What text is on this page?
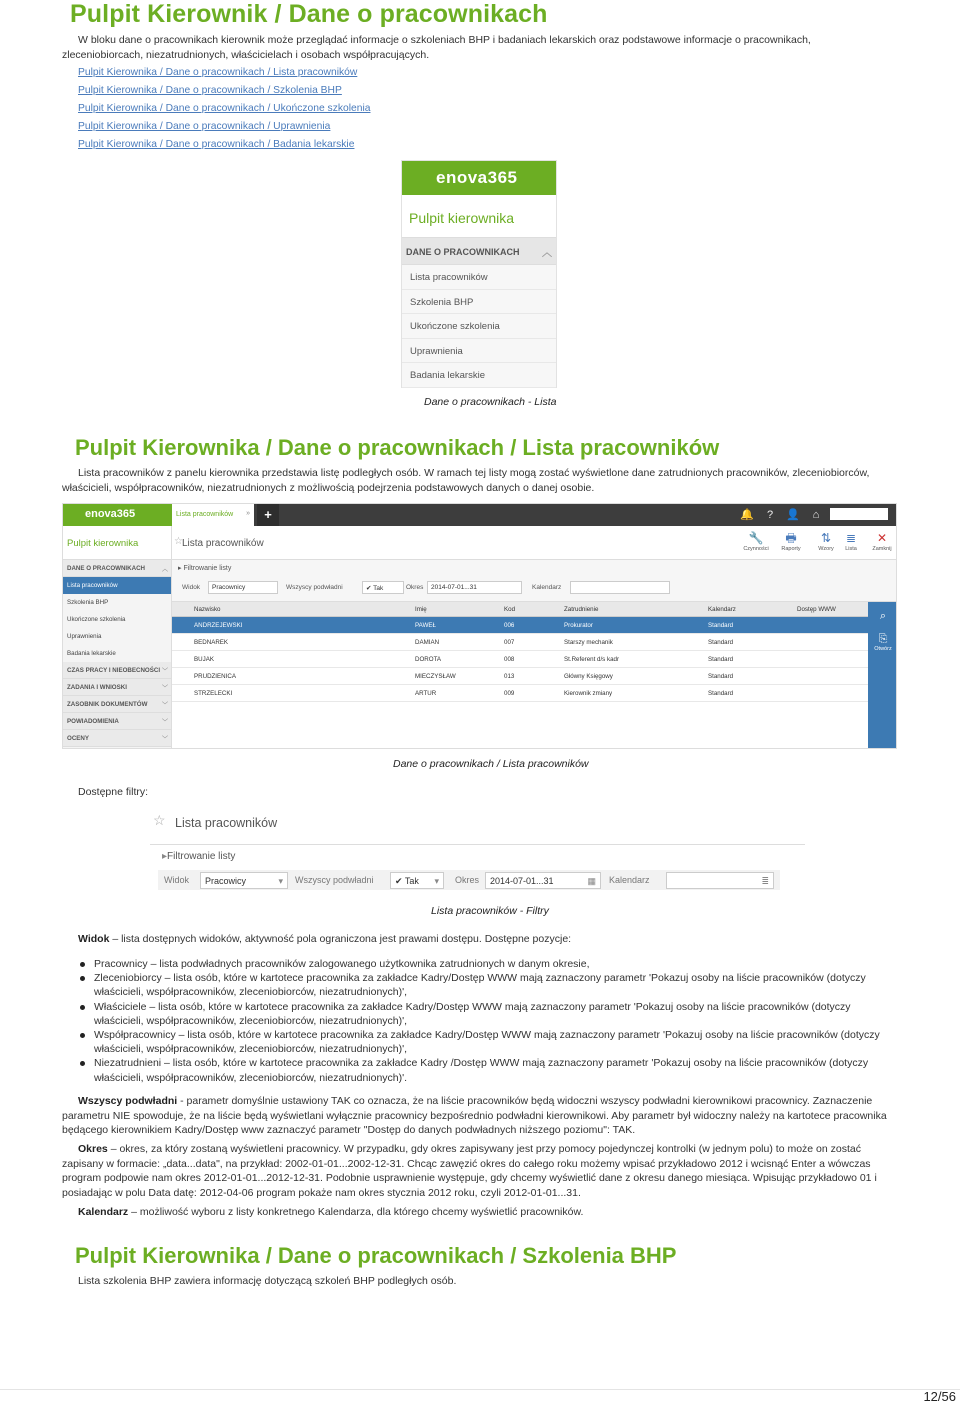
Pulpit Kierownik / Dane o pracownikach
W bloku dane o pracownikach kierownik może przeglądać informacje o szkoleniach BHP i badaniach lekarskich oraz podstawowe informacje o pracownikach, zleceniobiorcach, niezatrudnionych, właścicielach i osobach współpracujących.
Pulpit Kierownika / Dane o pracownikach / Lista pracowników
Pulpit Kierownika / Dane o pracownikach / Szkolenia BHP
Pulpit Kierownika / Dane o pracownikach / Ukończone szkolenia
Pulpit Kierownika / Dane o pracownikach / Uprawnienia
Pulpit Kierownika / Dane o pracownikach / Badania lekarskie
enova365
Pulpit kierownika
DANE O PRACOWNIKACH ︿
Lista pracowników
Szkolenia BHP
Ukończone szkolenia
Uprawnienia
Badania lekarskie
Dane o pracownikach - Lista
Pulpit Kierownika / Dane o pracownikach / Lista pracowników
Lista pracowników z panelu kierownika przedstawia listę podległych osób. W ramach tej listy mogą zostać wyświetlone dane zatrudnionych pracowników, zleceniobiorców, właścicieli, współpracowników, niezatrudnionych z możliwością podejrzenia podstawowych danych o danej osobie.
enova365	Lista pracowników »	+	🔔	?	👤	⌂
Pulpit kierownika
DANE O PRACOWNIKACH	︿
Lista pracowników
Szkolenia BHP
Ukończone szkolenia
Uprawnienia
Badania lekarskie
CZAS PRACY I NIEOBECNOŚCI ﹀
ZADANIA I WNIOSKI	﹀
ZASOBNIK DOKUMENTÓW ﹀
POWIADOMIENIA	﹀
OCENY	﹀
☆ Lista pracowników	🔧
Czynności
🖶
Raporty
⇅
Wzory
≣
Lista
✕
Zamknij
▸ Filtrowanie listy
Widok	Pracownicy	Wszyscy podwładni	✔ Tak	Okres	2014-07-01...31	Kalendarz
Nazwisko	Imię	Kod	Zatrudnienie	Kalendarz	Dostęp WWW
ANDRZEJEWSKI	PAWEŁ	006	Prokurator	Standard
BEDNAREK	DAMIAN	007	Starszy mechanik	Standard
BUJAK	DOROTA	008	St.Referent d/s kadr	Standard
PRUDZIENICA	MIECZYSŁAW	013	Główny Księgowy	Standard
STRZELECKI	ARTUR	009	Kierownik zmiany	Standard
⌕
⎘
Otwórz
Dane o pracownikach / Lista pracowników
Dostępne filtry:
☆ Lista pracowników
▸Filtrowanie listy
Widok	Pracowicy	▾ Wszyscy podwładni	✔ Tak ▾ Okres	2014-07-01...31	▦ Kalendarz	≣
Lista pracowników - Filtry
Widok – lista dostępnych widoków, aktywność pola ograniczona jest prawami dostępu. Dostępne pozycje:
Pracownicy – lista podwładnych pracowników zalogowanego użytkownika zatrudnionych w danym okresie,
Zleceniobiorcy – lista osób, które w kartotece pracownika za zakładce Kadry/Dostęp WWW mają zaznaczony parametr 'Pokazuj osoby na liście pracowników (dotyczy właścicieli, współpracowników, zleceniobiorców, niezatrudnionych)',
Właściciele – lista osób, które w kartotece pracownika za zakładce Kadry/Dostęp WWW mają zaznaczony parametr 'Pokazuj osoby na liście pracowników (dotyczy właścicieli, współpracowników, zleceniobiorców, niezatrudnionych)',
Współpracownicy – lista osób, które w kartotece pracownika za zakładce Kadry/Dostęp WWW mają zaznaczony parametr 'Pokazuj osoby na liście pracowników (dotyczy właścicieli, współpracowników, zleceniobiorców, niezatrudnionych)',
Niezatrudnieni – lista osób, które w kartotece pracownika za zakładce Kadry /Dostęp WWW mają zaznaczony parametr 'Pokazuj osoby na liście pracowników (dotyczy właścicieli, współpracowników, zleceniobiorców, niezatrudnionych)'.
Wszyscy podwładni - parametr domyślnie ustawiony TAK co oznacza, że na liście pracowników będą widoczni wszyscy podwładni kierownikowi pracownicy. Zaznaczenie parametru NIE spowoduje, że na liście będą wyświetlani wyłącznie pracownicy bezpośrednio podwładni kierownikowi. Aby parametr był widoczny należy na kartotece pracownika będącego kierownikiem Kadry/Dostęp www zaznaczyć parametr "Dostęp do danych podwładnych niższego poziomu": TAK.
Okres – okres, za który zostaną wyświetleni pracownicy. W przypadku, gdy okres zapisywany jest przy pomocy pojedynczej kontrolki (w jednym polu) to może on zostać zapisany w formacie: „data...data", na przykład: 2002-01-01...2002-12-31. Chcąc zawęzić okres do całego roku możemy wpisać przykładowo 2012 i wcisnąć Enter a wówczas program podpowie nam okres 2012-01-01...2012-12-31. Podobnie usprawnienie występuje, gdy chcemy wyświetlić dane z okresu danego miesiąca. Wpisując przykładowo 01 i posiadając w polu Data datę: 2012-04-06 program pokaże nam okres stycznia 2012 roku, czyli 2012-01-01...31.
Kalendarz – możliwość wyboru z listy konkretnego Kalendarza, dla którego chcemy wyświetlić pracowników.
Pulpit Kierownika / Dane o pracownikach / Szkolenia BHP
Lista szkolenia BHP zawiera informację dotyczącą szkoleń BHP podległych osób.
12/56
